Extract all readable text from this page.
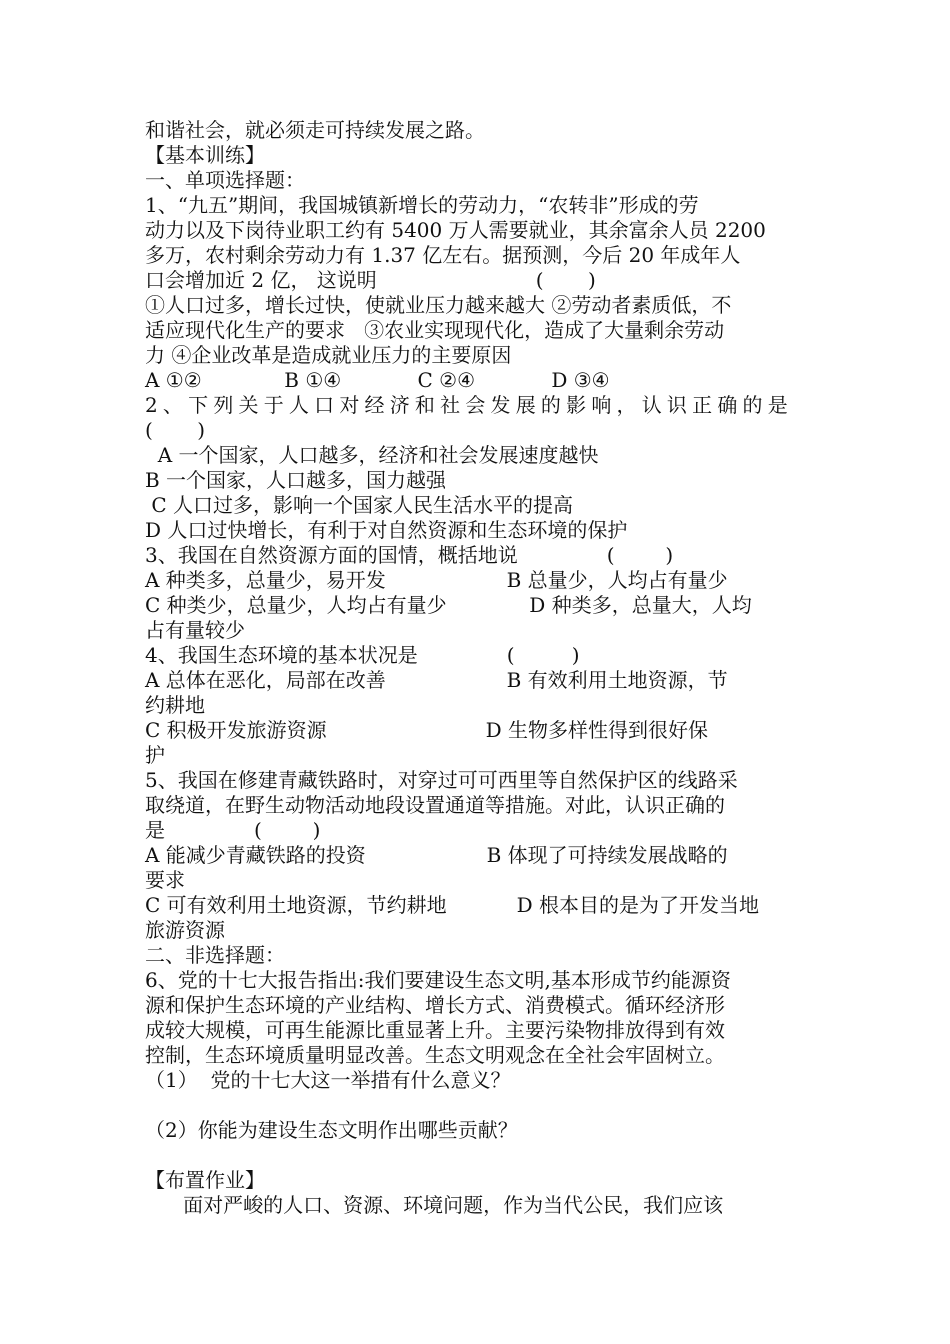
和谐社会，就必须走可持续发展之路。
【基本训练】
一、单项选择题：
1、“九五”期间，我国城镇新增长的劳动力，“农转非”形成的劳
动力以及下岗待业职工约有 5400 万人需要就业，其余富余人员 2200
多万，农村剩余劳动力有 1.37 亿左右。据预测，今后 20 年成年人
口会增加近 2 亿， 这说明                         (       )
①人口过多，增长过快，使就业压力越来越大 ②劳动者素质低，不
适应现代化生产的要求   ③农业实现现代化，造成了大量剩余劳动
力 ④企业改革是造成就业压力的主要原因
A ①②             B ①④            C ②④            D ③④
2、下列关于人口对经济和社会发展的影响，认识正确的是
(       )
A 一个国家，人口越多，经济和社会发展速度越快
B 一个国家，人口越多，国力越强
C 人口过多，影响一个国家人民生活水平的提高
D 人口过快增长，有利于对自然资源和生态环境的保护
3、我国在自然资源方面的国情，概括地说              (        )
A 种类多，总量少，易开发                   B 总量少，人均占有量少
C 种类少，总量少，人均占有量少             D 种类多，总量大，人均
占有量较少
4、我国生态环境的基本状况是              (         )
A 总体在恶化，局部在改善                   B 有效利用土地资源，节
约耕地
C 积极开发旅游资源                         D 生物多样性得到很好保
护
5、我国在修建青藏铁路时，对穿过可可西里等自然保护区的线路采
取绕道，在野生动物活动地段设置通道等措施。对此，认识正确的
是              (        )
A 能减少青藏铁路的投资                   B 体现了可持续发展战略的
要求
C 可有效利用土地资源，节约耕地           D 根本目的是为了开发当地
旅游资源
二、非选择题：
6、党的十七大报告指出:我们要建设生态文明,基本形成节约能源资
源和保护生态环境的产业结构、增长方式、消费模式。循环经济形
成较大规模，可再生能源比重显著上升。主要污染物排放得到有效
控制，生态环境质量明显改善。生态文明观念在全社会牢固树立。
（1）  党的十七大这一举措有什么意义？
（2）你能为建设生态文明作出哪些贡献？
【布置作业】
面对严峻的人口、资源、环境问题，作为当代公民，我们应该
